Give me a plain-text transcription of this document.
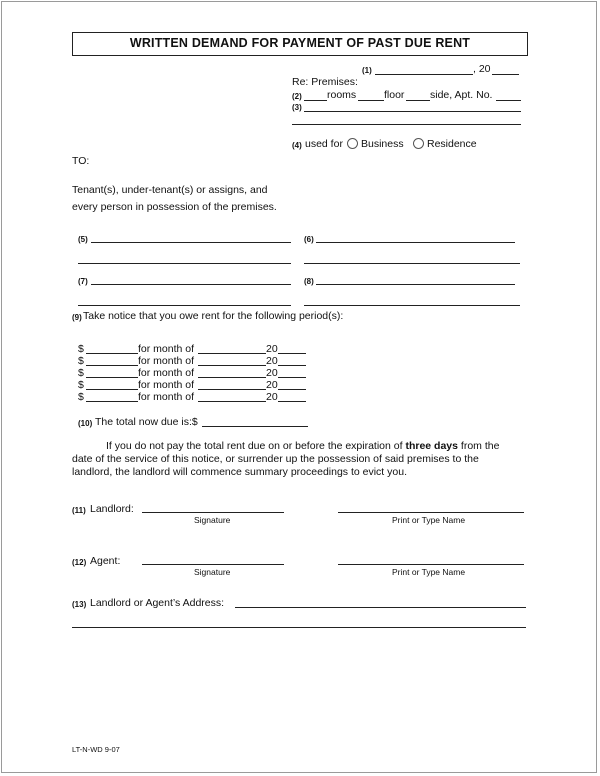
WRITTEN DEMAND FOR PAYMENT OF PAST DUE RENT
(1)	, 20
Re: Premises:
(2) rooms	floor side, Apt. No.
(3)
(4) used for	Business	Residence
TO:
Tenant(s), under-tenant(s) or assigns, and
every person in possession of the premises.
(5)	(6)
(7)	(8)
(9) Take notice that you owe rent for the following period(s):
$	for month of	20
$	for month of	20
$	for month of	20
$	for month of	20
$	for month of	20
(10) The total now due is:$
If you do not pay the total rent due on or before the expiration of three days from the date of the service of this notice, or surrender up the possession of said premises to the landlord, the landlord will commence summary proceedings to evict you.
(11) Landlord:
Signature	Print or Type Name
(12) Agent:
Signature	Print or Type Name
(13) Landlord or Agent’s Address:
LT-N-WD 9-07
